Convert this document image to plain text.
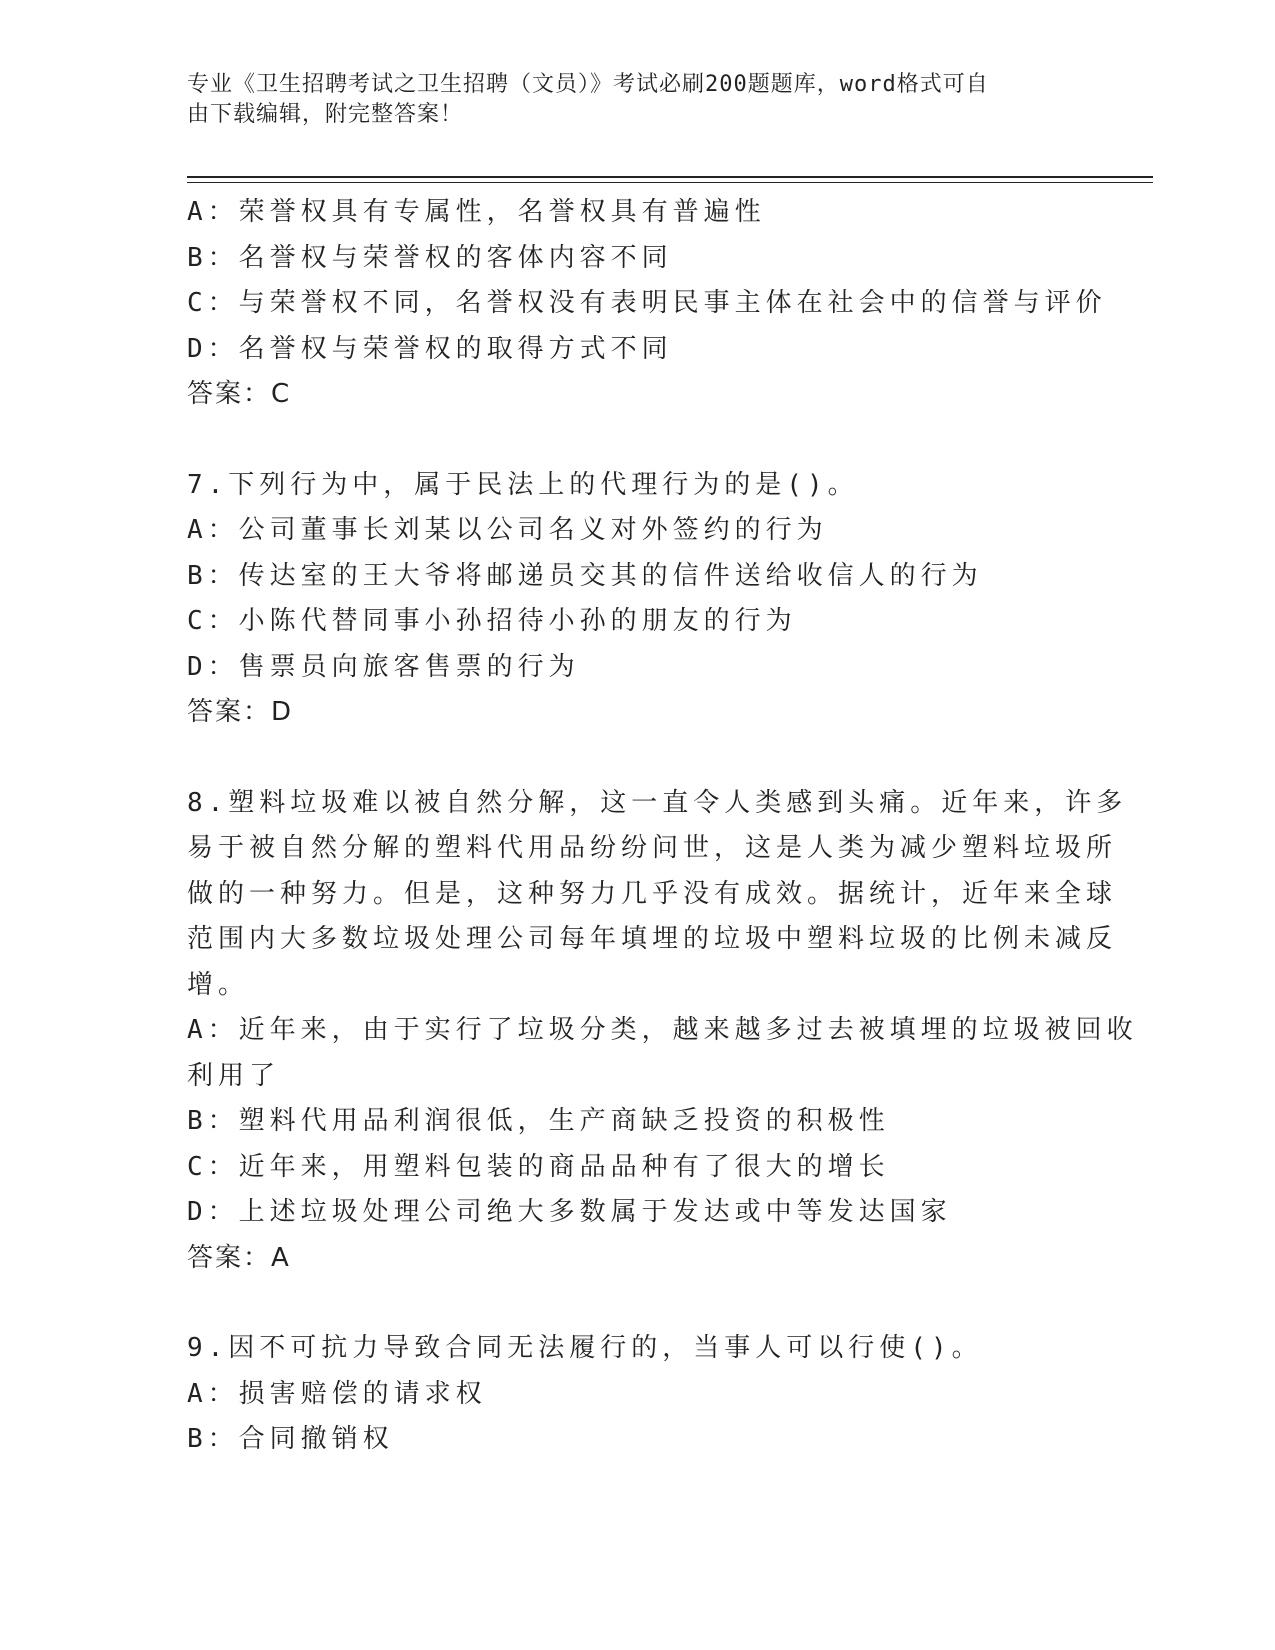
专业《卫生招聘考试之卫生招聘（文员）》考试必刷200题题库，word格式可自
由下载编辑，附完整答案！
A：荣誉权具有专属性，名誉权具有普遍性
B：名誉权与荣誉权的客体内容不同
C：与荣誉权不同，名誉权没有表明民事主体在社会中的信誉与评价
D：名誉权与荣誉权的取得方式不同
答案：C
7.下列行为中，属于民法上的代理行为的是()。
A：公司董事长刘某以公司名义对外签约的行为
B：传达室的王大爷将邮递员交其的信件送给收信人的行为
C：小陈代替同事小孙招待小孙的朋友的行为
D：售票员向旅客售票的行为
答案：D
8.塑料垃圾难以被自然分解，这一直令人类感到头痛。近年来，许多
易于被自然分解的塑料代用品纷纷问世，这是人类为减少塑料垃圾所
做的一种努力。但是，这种努力几乎没有成效。据统计，近年来全球
范围内大多数垃圾处理公司每年填埋的垃圾中塑料垃圾的比例未减反
增。
A：近年来，由于实行了垃圾分类，越来越多过去被填埋的垃圾被回收
利用了
B：塑料代用品利润很低，生产商缺乏投资的积极性
C：近年来，用塑料包装的商品品种有了很大的增长
D：上述垃圾处理公司绝大多数属于发达或中等发达国家
答案：A
9.因不可抗力导致合同无法履行的，当事人可以行使()。
A：损害赔偿的请求权
B：合同撤销权
